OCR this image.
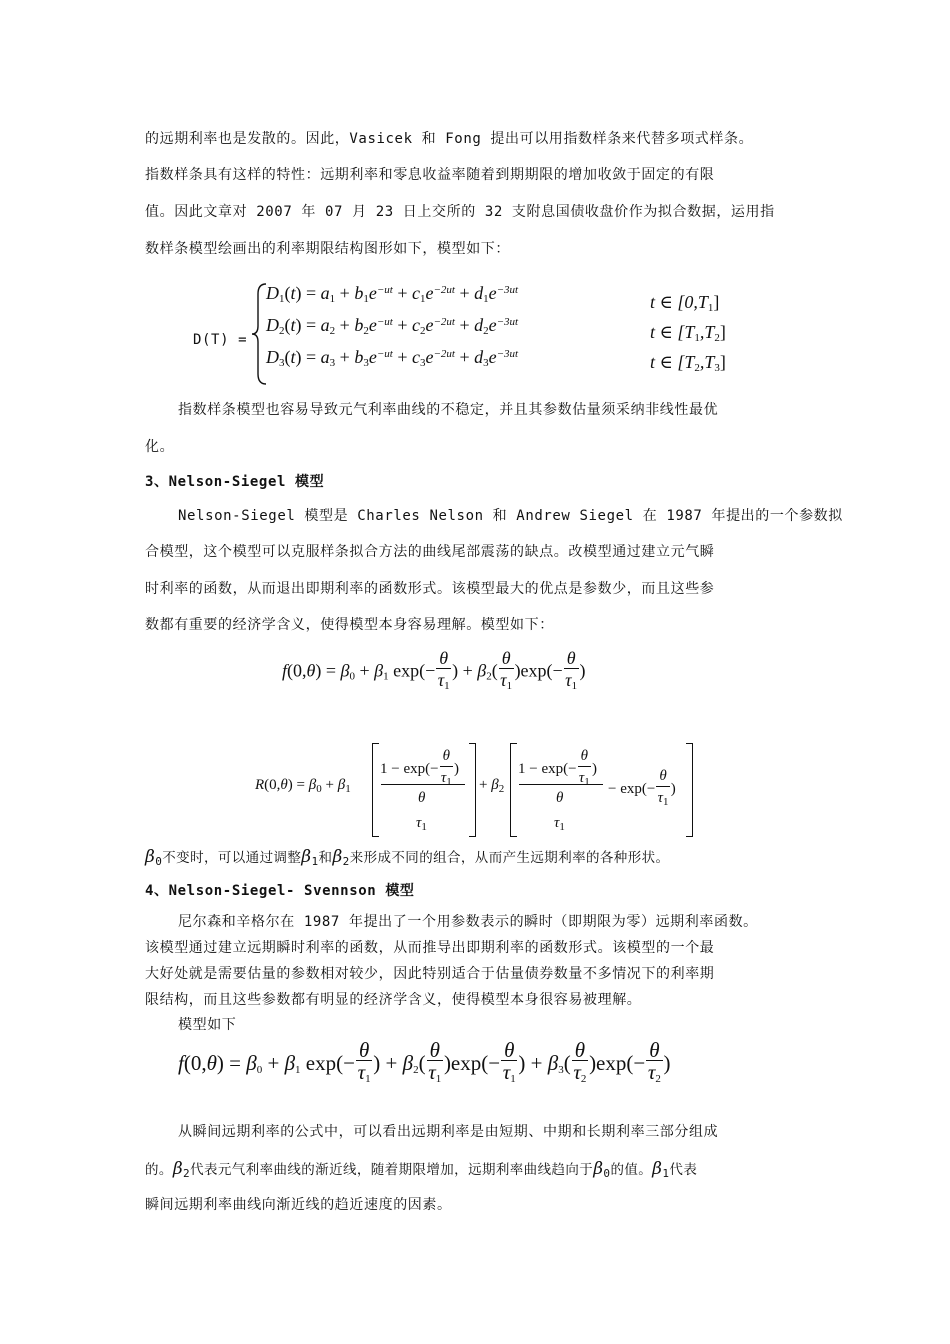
的远期利率也是发散的。因此，Vasicek 和 Fong 提出可以用指数样条来代替多项式样条。
指数样条具有这样的特性：远期利率和零息收益率随着到期期限的增加收敛于固定的有限
值。因此文章对 2007 年 07 月 23 日上交所的 32 支附息国债收盘价作为拟合数据，运用指
数样条模型绘画出的利率期限结构图形如下，模型如下：
D(T) =
$D_1(t) = a_1 + b_1e^{-ut} + c_1e^{-2ut} + d_1e^{-3ut}$
$D_2(t) = a_2 + b_2e^{-ut} + c_2e^{-2ut} + d_2e^{-3ut}$
$D_3(t) = a_3 + b_3e^{-ut} + c_3e^{-2ut} + d_3e^{-3ut}$
t ∈ $[0,T_1]$
t ∈ $[T_1,T_2]$
t ∈ $[T_2,T_3]$
指数样条模型也容易导致元气利率曲线的不稳定，并且其参数估量须采纳非线性最优
化。
3、Nelson-Siegel 模型
Nelson-Siegel 模型是 Charles Nelson 和 Andrew Siegel 在 1987 年提出的一个参数拟
合模型，这个模型可以克服样条拟合方法的曲线尾部震荡的缺点。改模型通过建立元气瞬
时利率的函数，从而退出即期利率的函数形式。该模型最大的优点是参数少，而且这些参
数都有重要的经济学含义，使得模型本身容易理解。模型如下：
$f(0,\theta) = \beta_0 + \beta_1$ $\exp(- \frac{\theta}{\tau_1}$ ) + $\beta_2( \frac{\theta}{\tau_1} )\exp(- \frac{\theta}{\tau_1}$ )
$R(0,\theta) = \beta_0 + \beta_1$
$1 - \exp(- \frac{\theta}{\tau_1}$ )
θ
$\tau_1$
+ $\beta_2$
$1 - \exp(- \frac{\theta}{\tau_1}$ )
θ
$\tau_1$
− $\exp(- \frac{\theta}{\tau_1}$ )
$\beta_0$不变时，可以通过调整$\beta_1$和$\beta_2$来形成不同的组合，从而产生远期利率的各种形状。
4、Nelson-Siegel- Svennson 模型
尼尔森和辛格尔在 1987 年提出了一个用参数表示的瞬时（即期限为零）远期利率函数。
该模型通过建立远期瞬时利率的函数，从而推导出即期利率的函数形式。该模型的一个最
大好处就是需要估量的参数相对较少，因此特别适合于估量债券数量不多情况下的利率期
限结构，而且这些参数都有明显的经济学含义，使得模型本身很容易被理解。
模型如下
$f(0,\theta) = \beta_0 + \beta_1$ $\exp(- \frac{\theta}{\tau_1}$ ) + $\beta_2( \frac{\theta}{\tau_1} )\exp(- \frac{\theta}{\tau_1}$ ) + $\beta_3( \frac{\theta}{\tau_2} )\exp(- \frac{\theta}{\tau_2}$ )
从瞬间远期利率的公式中，可以看出远期利率是由短期、中期和长期利率三部分组成
的。$\beta_2$代表元气利率曲线的渐近线，随着期限增加，远期利率曲线趋向于$\beta_0$的值。$\beta_1$代表
瞬间远期利率曲线向渐近线的趋近速度的因素。
